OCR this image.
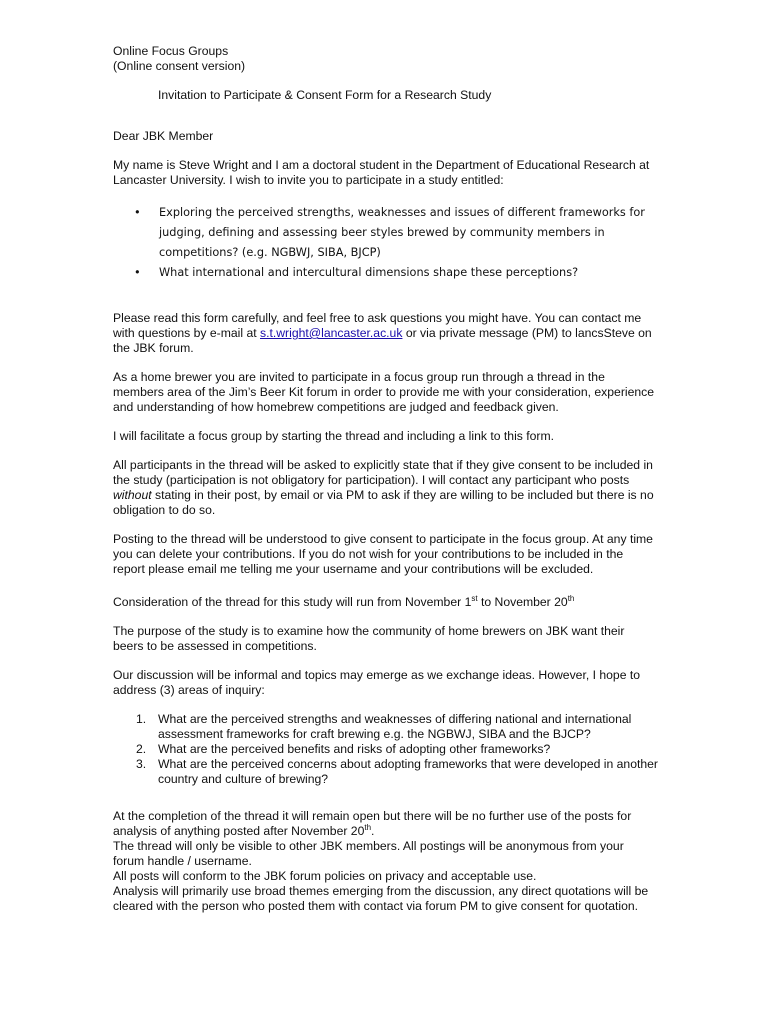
Online Focus Groups

(Online consent version)

Invitation to Participate & Consent Form for a Research Study

Dear JBK Member

My name is Steve Wright and I am a doctoral student in the Department of Educational Research at Lancaster University. I wish to invite you to participate in a study entitled:

• Exploring the perceived strengths, weaknesses and issues of different frameworks for judging, defining and assessing beer styles brewed by community members in competitions? (e.g. NGBWJ, SIBA, BJCP)
• What international and intercultural dimensions shape these perceptions?

Please read this form carefully, and feel free to ask questions you might have. You can contact me with questions by e-mail at s.t.wright@lancaster.ac.uk or via private message (PM) to lancsSteve on the JBK forum.

As a home brewer you are invited to participate in a focus group run through a thread in the members area of the Jim’s Beer Kit forum in order to provide me with your consideration, experience and understanding of how homebrew competitions are judged and feedback given.

I will facilitate a focus group by starting the thread and including a link to this form.

All participants in the thread will be asked to explicitly state that if they give consent to be included in the study (participation is not obligatory for participation). I will contact any participant who posts without stating in their post, by email or via PM to ask if they are willing to be included but there is no obligation to do so.

Posting to the thread will be understood to give consent to participate in the focus group. At any time you can delete your contributions. If you do not wish for your contributions to be included in the report please email me telling me your username and your contributions will be excluded.

Consideration of the thread for this study will run from November 1st to November 20th

The purpose of the study is to examine how the community of home brewers on JBK want their beers to be assessed in competitions.

Our discussion will be informal and topics may emerge as we exchange ideas. However, I hope to address (3) areas of inquiry:

1. What are the perceived strengths and weaknesses of differing national and international assessment frameworks for craft brewing e.g. the NGBWJ, SIBA and the BJCP?
2. What are the perceived benefits and risks of adopting other frameworks?
3. What are the perceived concerns about adopting frameworks that were developed in another country and culture of brewing?

At the completion of the thread it will remain open but there will be no further use of the posts for analysis of anything posted after November 20th.

The thread will only be visible to other JBK members. All postings will be anonymous from your forum handle / username.

All posts will conform to the JBK forum policies on privacy and acceptable use.

Analysis will primarily use broad themes emerging from the discussion, any direct quotations will be cleared with the person who posted them with contact via forum PM to give consent for quotation.
